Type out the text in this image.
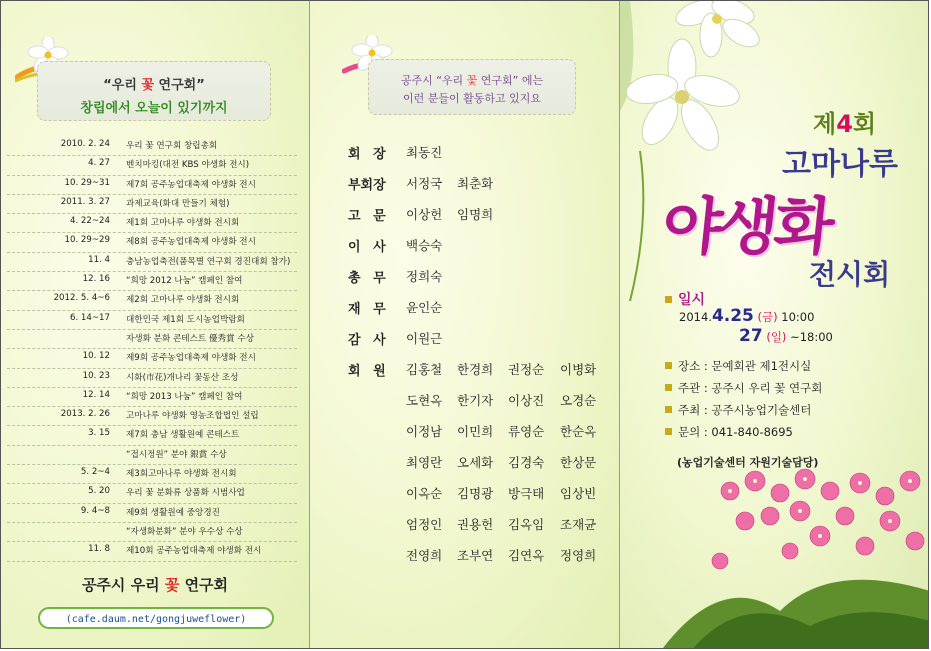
“우리 꽃 연구회”
창립에서 오늘이 있기까지
2010. 2. 24 우리 꽃 연구회 창립총회
4. 27 벤치마킹(대전 KBS 야생화 전시)
10. 29~31 제7회 공주농업대축제 야생화 전시
2011. 3. 27 과제교육(화대 만들기 체험)
4. 22~24 제1회 고마나루 야생화 전시회
10. 29~29 제8회 공주농업대축제 야생화 전시
11. 4 충남농업축전(품목별 연구회 경진대회 참가)
12. 16 “희망 2012 나눔” 캠페인 참여
2012. 5. 4~6 제2회 고마나루 야생화 전시회
6. 14~17 대한민국 제1회 도시농업박람회
자생화 분화 콘테스트 優秀賞 수상
10. 12 제9회 공주농업대축제 야생화 전시
10. 23 시화(市花)개나리 꽃동산 조성
12. 14 “희망 2013 나눔” 캠페인 참여
2013. 2. 26 고마나루 야생화 영농조합법인 설립
3. 15 제7회 충남 생활원예 콘테스트
“접시정원” 분야 銀賞 수상
5. 2~4 제3회고마나루 야생화 전시회
5. 20 우리 꽃 분화류 상품화 시범사업
9. 4~8 제9회 생활원예 중앙경진
“자생화분화” 분야 우수상 수상
11. 8 제10회 공주농업대축제 야생화 전시
공주시 우리 꽃 연구회
(cafe.daum.net/gongjuweflower)
공주시 “우리 꽃 연구회” 에는
이런 분들이 활동하고 있지요
회 장 최동진
부회장 서정국 최춘화
고 문 이상헌 임명희
이 사 백승숙
총 무 정희숙
재 무 윤인순
감 사 이원근
회 원 김홍철 한경희 권정순 이병화
도현옥 한기자 이상진 오경순
이정남 이민희 류영순 한순옥
최영란 오세화 김경숙 한상문
이옥순 김명광 방극태 임상빈
엄정인 권용헌 김옥임 조재균
전영희 조부연 김연옥 정영희
제4회
고마나루
야생화
전시회
일시
2014.4.25 (금) 10:00
27 (일) ~18:00
장소 : 문예회관 제1전시실
주관 : 공주시 우리 꽃 연구회
주최 : 공주시농업기술센터
문의 : 041-840-8695
(농업기술센터 자원기술담당)
